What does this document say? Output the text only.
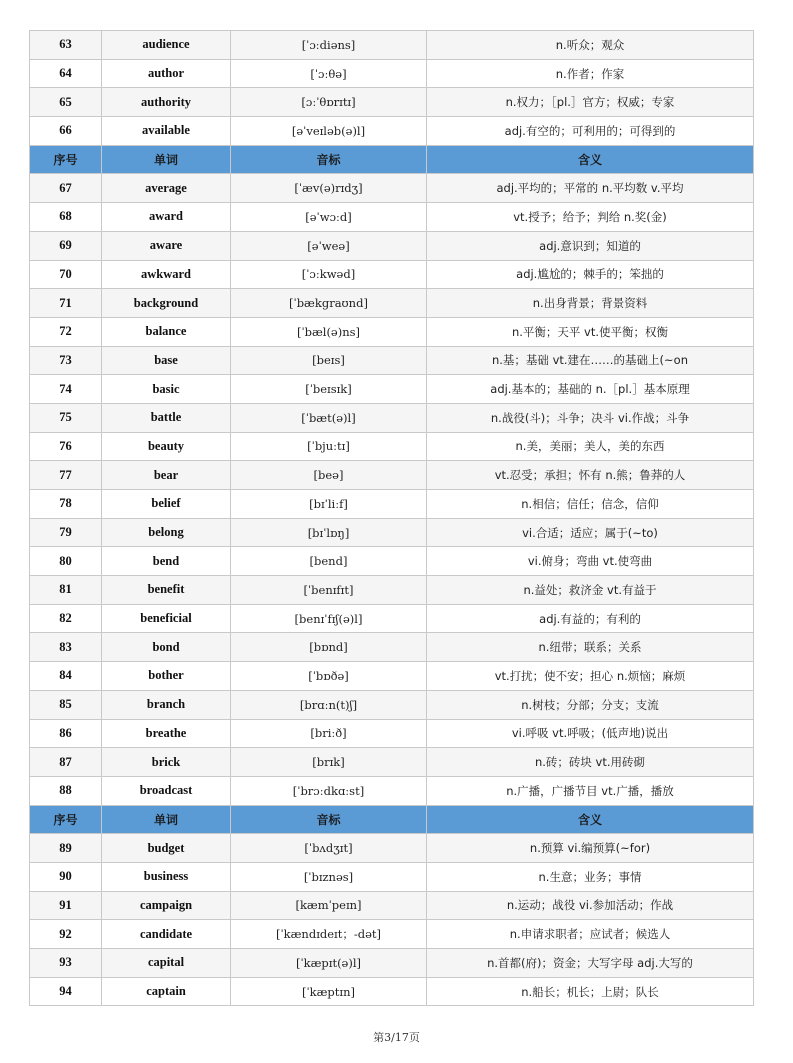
63	audience	[ˈɔːdiəns]	n.听众；观众
64	author	[ˈɔːθə]	n.作者；作家
65	authority	[ɔːˈθɒrɪtɪ]	n.权力；［pl.］官方；权威；专家
66	available	[əˈveɪləb(ə)l]	adj.有空的；可利用的；可得到的
序号	单词	音标	含义
67	average	[ˈæv(ə)rɪdʒ]	adj.平均的；平常的 n.平均数 v.平均
68	award	[əˈwɔːd]	vt.授予；给予；判给 n.奖(金)
69	aware	[əˈweə]	adj.意识到；知道的
70	awkward	[ˈɔːkwəd]	adj.尴尬的；棘手的；笨拙的
71	background	[ˈbækgraʊnd]	n.出身背景；背景资料
72	balance	[ˈbæl(ə)ns]	n.平衡；天平 vt.使平衡；权衡
73	base	[beɪs]	n.基；基础 vt.建在……的基础上(~on
74	basic	[ˈbeɪsɪk]	adj.基本的；基础的 n.［pl.］基本原理
75	battle	[ˈbæt(ə)l]	n.战役(斗)；斗争；决斗 vi.作战；斗争
76	beauty	[ˈbjuːtɪ]	n.美，美丽；美人，美的东西
77	bear	[beə]	vt.忍受；承担；怀有 n.熊；鲁莽的人
78	belief	[bɪˈliːf]	n.相信；信任；信念，信仰
79	belong	[bɪˈlɒŋ]	vi.合适；适应；属于(~to)
80	bend	[bend]	vi.俯身；弯曲 vt.使弯曲
81	benefit	[ˈbenɪfɪt]	n.益处；救济金 vt.有益于
82	beneficial	[benɪˈfɪʃ(ə)l]	adj.有益的；有利的
83	bond	[bɒnd]	n.纽带；联系；关系
84	bother	[ˈbɒðə]	vt.打扰；使不安；担心 n.烦恼；麻烦
85	branch	[brɑːn(t)ʃ]	n.树枝；分部；分支；支流
86	breathe	[briːð]	vi.呼吸 vt.呼吸；(低声地)说出
87	brick	[brɪk]	n.砖；砖块 vt.用砖砌
88	broadcast	[ˈbrɔːdkɑːst]	n.广播，广播节目 vt.广播，播放
序号	单词	音标	含义
89	budget	[ˈbʌdʒɪt]	n.预算 vi.编预算(~for)
90	business	[ˈbɪznəs]	n.生意；业务；事情
91	campaign	[kæmˈpeɪn]	n.运动；战役 vi.参加活动；作战
92	candidate	[ˈkændɪdeɪt；-dət]	n.申请求职者；应试者；候选人
93	capital	[ˈkæpɪt(ə)l]	n.首都(府)；资金；大写字母 adj.大写的
94	captain	[ˈkæptɪn]	n.船长；机长；上尉；队长
第3/17页
